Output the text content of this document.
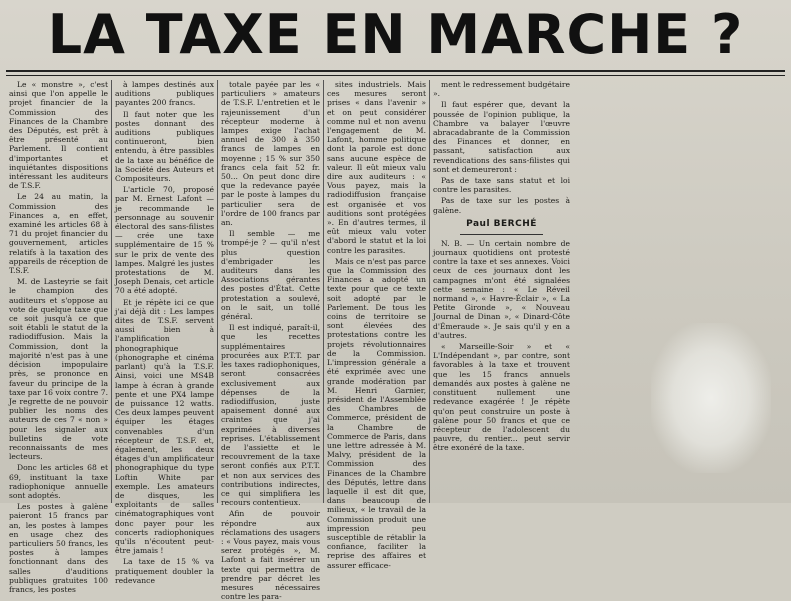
LA TAXE EN MARCHE ?

Le « monstre », c'est ainsi que l'on appelle le projet financier de la Commission des Finances de la Chambre des Députés, est prêt à être présenté au Parlement. Il contient d'importantes et inquiétantes dispositions intéressant les auditeurs de T.S.F.

Le 24 au matin, la Commission des Finances a, en effet, examiné les articles 68 à 71 du projet financier du gouvernement, articles relatifs à la taxation des appareils de réception de T.S.F.

M. de Lasteyrie se fait le champion des auditeurs et s'oppose au vote de quelque taxe que ce soit jusqu'à ce que soit établi le statut de la radiodiffusion. Mais la Commission, dont la majorité n'est pas à une décision impopulaire près, se prononce en faveur du principe de la taxe par 16 voix contre 7. Je regrette de ne pouvoir publier les noms des auteurs de ces 7 « non » pour les signaler aux bulletins de vote reconnaissants de mes lecteurs.

Donc les articles 68 et 69, instituant la taxe radiophonique annuelle sont adoptés.

Les postes à galène paieront 15 francs par an, les postes à lampes en usage chez des particuliers 50 francs, les postes à lampes fonctionnant dans des salles d'auditions publiques gratuites 100 francs, les postes

à lampes destinés aux auditions publiques payantes 200 francs.

Il faut noter que les postes donnant des auditions publiques continueront, bien entendu, à être passibles de la taxe au bénéfice de la Société des Auteurs et Compositeurs.

L'article 70, proposé par M. Ernest Lafont — je recommande le personnage au souvenir électoral des sans-filistes — crée une taxe supplémentaire de 15 % sur le prix de vente des lampes. Malgré les justes protestations de M. Joseph Denais, cet article 70 a été adopté.

Et je répète ici ce que j'ai déjà dit : Les lampes dites de T.S.F. servent aussi bien à l'amplification phonographique (phonographe et cinéma parlant) qu'à la T.S.F. Ainsi, voici une MS4B lampe à écran à grande pente et une PX4 lampe de puissance 12 watts. Ces deux lampes peuvent équiper les étages convenables d'un récepteur de T.S.F. et, également, les deux étages d'un amplificateur phonographique du type Loftin White par exemple. Les amateurs de disques, les exploitants de salles cinématographiques vont donc payer pour les concerts radiophoniques qu'ils n'écoutent peut-être jamais !

La taxe de 15 % va pratiquement doubler la redevance

totale payée par les « particuliers » amateurs de T.S.F. L'entretien et le rajeunissement d'un récepteur moderne à lampes exige l'achat annuel de 300 à 350 francs de lampes en moyenne ; 15 % sur 350 francs cela fait 52 fr. 50... On peut donc dire que la redevance payée par le poste à lampes du particulier sera de l'ordre de 100 francs par an.

Il semble — me trompé-je ? — qu'il n'est plus question d'embrigader les auditeurs dans les Associations gérantes des postes d'État. Cette protestation a soulevé, on le sait, un tollé général.

Il est indiqué, paraît-il, que les recettes supplémentaires procurées aux P.T.T. par les taxes radiophoniques, seront consacrées exclusivement aux dépenses de la radiodiffusion, juste apaisement donné aux craintes que j'ai exprimées à diverses reprises. L'établissement de l'assiette et le recouvrement de la taxe seront confiés aux P.T.T. et non aux services des contributions indirectes, ce qui simplifiera les recours contentieux.

Afin de pouvoir répondre aux réclamations des usagers : « Vous payez, mais vous serez protégés », M. Lafont a fait insérer un texte qui permettra de prendre par décret les mesures nécessaires contre les para-

sites industriels. Mais ces mesures seront prises « dans l'avenir » et on peut considérer comme nul et non avenu l'engagement de M. Lafont, homme politique dont la parole est donc sans aucune espèce de valeur. Il eût mieux valu dire aux auditeurs : « Vous payez, mais la radiodiffusion française est organisée et vos auditions sont protégées ». En d'autres termes, il eût mieux valu voter d'abord le statut et la loi contre les parasites.

Mais ce n'est pas parce que la Commission des Finances a adopté un texte pour que ce texte soit adopté par le Parlement. De tous les coins de territoire se sont élevées des protestations contre les projets révolutionnaires de la Commission. L'impression générale a été exprimée avec une grande modération par M. Henri Garnier, président de l'Assemblée des Chambres de Commerce, président de la Chambre de Commerce de Paris, dans une lettre adressée à M. Malvy, président de la Commission des Finances de la Chambre des Députés, lettre dans laquelle il est dit que, dans beaucoup de milieux, « le travail de la Commission produit une impression peu susceptible de rétablir la confiance, faciliter la reprise des affaires et assurer efficace-

ment le redressement budgétaire ».

Il faut espérer que, devant la poussée de l'opinion publique, la Chambre va balayer l'œuvre abracadabrante de la Commission des Finances et donner, en passant, satisfaction aux revendications des sans-filistes qui sont et demeureront :

Pas de taxe sans statut et loi contre les parasites.

Pas de taxe sur les postes à galène.

Paul BERCHÉ

N. B. — Un certain nombre de journaux quotidiens ont protesté contre la taxe et ses annexes. Voici ceux de ces journaux dont les campagnes m'ont été signalées cette semaine : « Le Réveil normand », « Havre-Éclair », « La Petite Gironde », « Nouveau Journal de Dinan », « Dinard-Côte d'Émeraude ». Je sais qu'il y en a d'autres.

« Marseille-Soir » et « L'Indépendant », par contre, sont favorables à la taxe et trouvent que les 15 francs annuels demandés aux postes à galène ne constituent nullement une redevance exagérée ! Je répète qu'on peut construire un poste à galène pour 50 francs et que ce récepteur de l'adolescent du pauvre, du rentier... peut servir être exonéré de la taxe.
